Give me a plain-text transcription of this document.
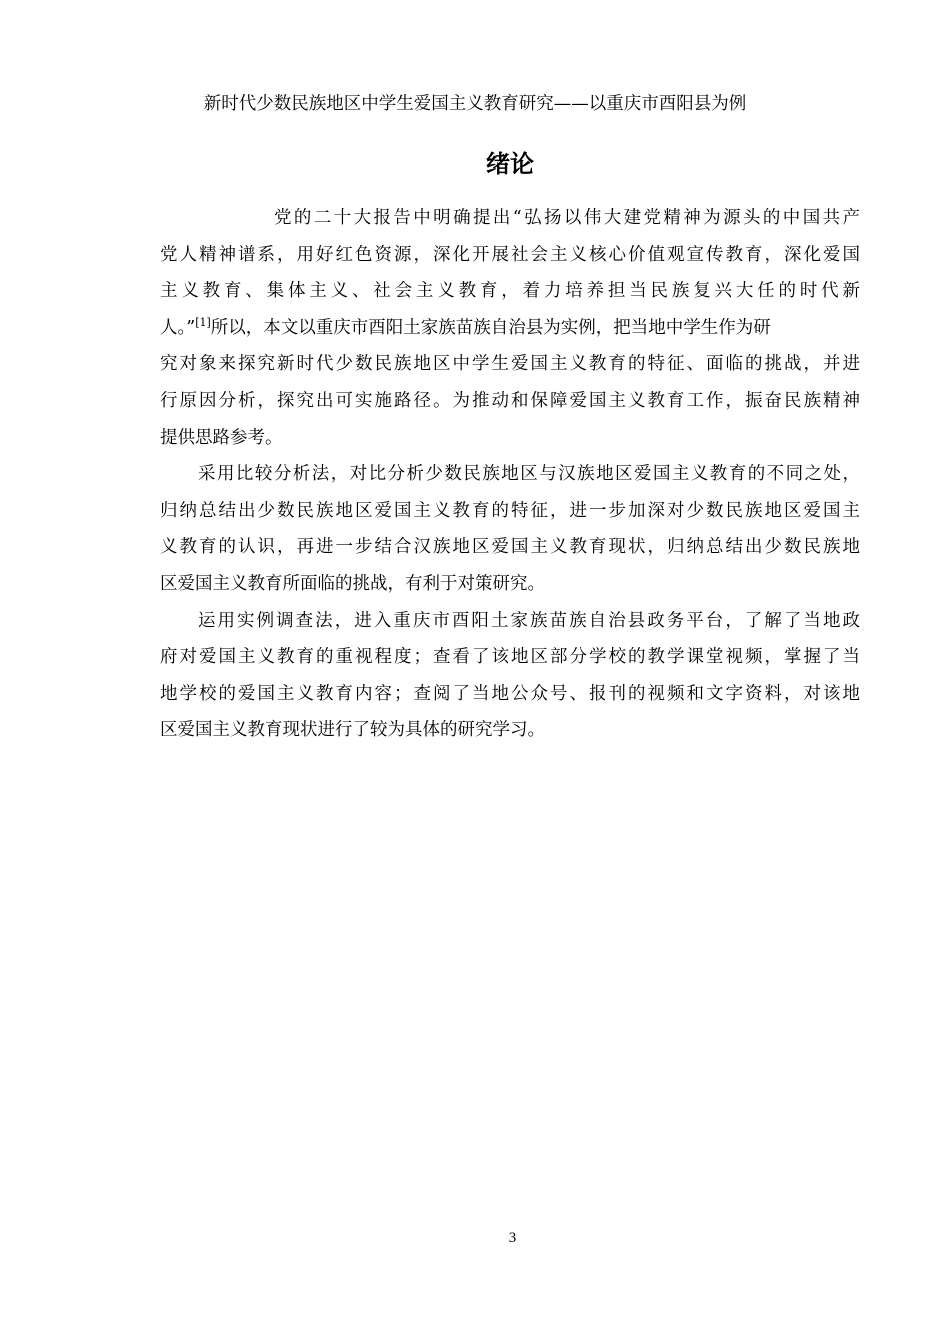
新时代少数民族地区中学生爱国主义教育研究——以重庆市酉阳县为例
绪论
党的二十大报告中明确提出“弘扬以伟大建党精神为源头的中国共产
党人精神谱系，用好红色资源，深化开展社会主义核心价值观宣传教育，深化爱国
主义教育、集体主义、社会主义教育，着力培养担当民族复兴大任的时代新
人。”[1]所以，本文以重庆市酉阳土家族苗族自治县为实例，把当地中学生作为研
究对象来探究新时代少数民族地区中学生爱国主义教育的特征、面临的挑战，并进
行原因分析，探究出可实施路径。为推动和保障爱国主义教育工作，振奋民族精神
提供思路参考。
采用比较分析法，对比分析少数民族地区与汉族地区爱国主义教育的不同之处，
归纳总结出少数民族地区爱国主义教育的特征，进一步加深对少数民族地区爱国主
义教育的认识，再进一步结合汉族地区爱国主义教育现状，归纳总结出少数民族地
区爱国主义教育所面临的挑战，有利于对策研究。
运用实例调查法，进入重庆市酉阳土家族苗族自治县政务平台，了解了当地政
府对爱国主义教育的重视程度；查看了该地区部分学校的教学课堂视频，掌握了当
地学校的爱国主义教育内容；查阅了当地公众号、报刊的视频和文字资料，对该地
区爱国主义教育现状进行了较为具体的研究学习。
3
